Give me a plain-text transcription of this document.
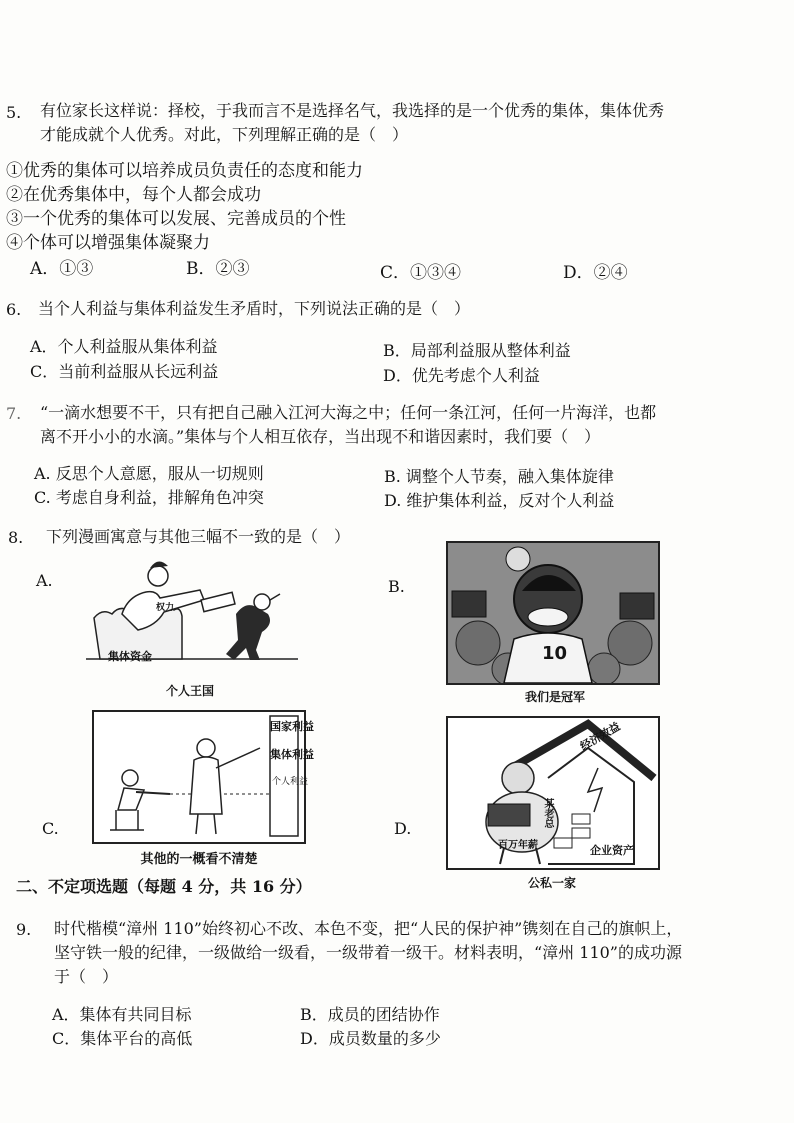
5. 有位家长这样说：择校，于我而言不是选择名气，我选择的是一个优秀的集体，集体优秀
才能成就个人优秀。对此，下列理解正确的是（　）
①优秀的集体可以培养成员负责任的态度和能力
②在优秀集体中，每个人都会成功
③一个优秀的集体可以发展、完善成员的个性
④个体可以增强集体凝聚力
A．①③	B．②③	C．①③④	D．②④
6. 当个人利益与集体利益发生矛盾时，下列说法正确的是（　）
A．个人利益服从集体利益	B．局部利益服从整体利益
C．当前利益服从长远利益	D．优先考虑个人利益
7. “一滴水想要不干，只有把自己融入江河大海之中；任何一条江河，任何一片海洋，也都
离不开小小的水滴。”集体与个人相互依存，当出现不和谐因素时，我们要（　）
A. 反思个人意愿，服从一切规则	B. 调整个人节奏，融入集体旋律
C. 考虑自身利益，排解角色冲突	D. 维护集体利益，反对个人利益
8. 下列漫画寓意与其他三幅不一致的是（　）
A.	B.
C.	D.
集体资金
权力
个人王国
10
我们是冠军
国家利益
集体利益
个人利益
其他的一概看不清楚
经济效益
企业资产
百万年薪
某老总
公私一家
二、不定项选题（每题 4 分，共 16 分）
9. 时代楷模“漳州 110”始终初心不改、本色不变，把“人民的保护神”镌刻在自己的旗帜上，
坚守铁一般的纪律，一级做给一级看，一级带着一级干。材料表明，“漳州 110”的成功源
于（　）
A．集体有共同目标	B．成员的团结协作
C．集体平台的高低	D．成员数量的多少
